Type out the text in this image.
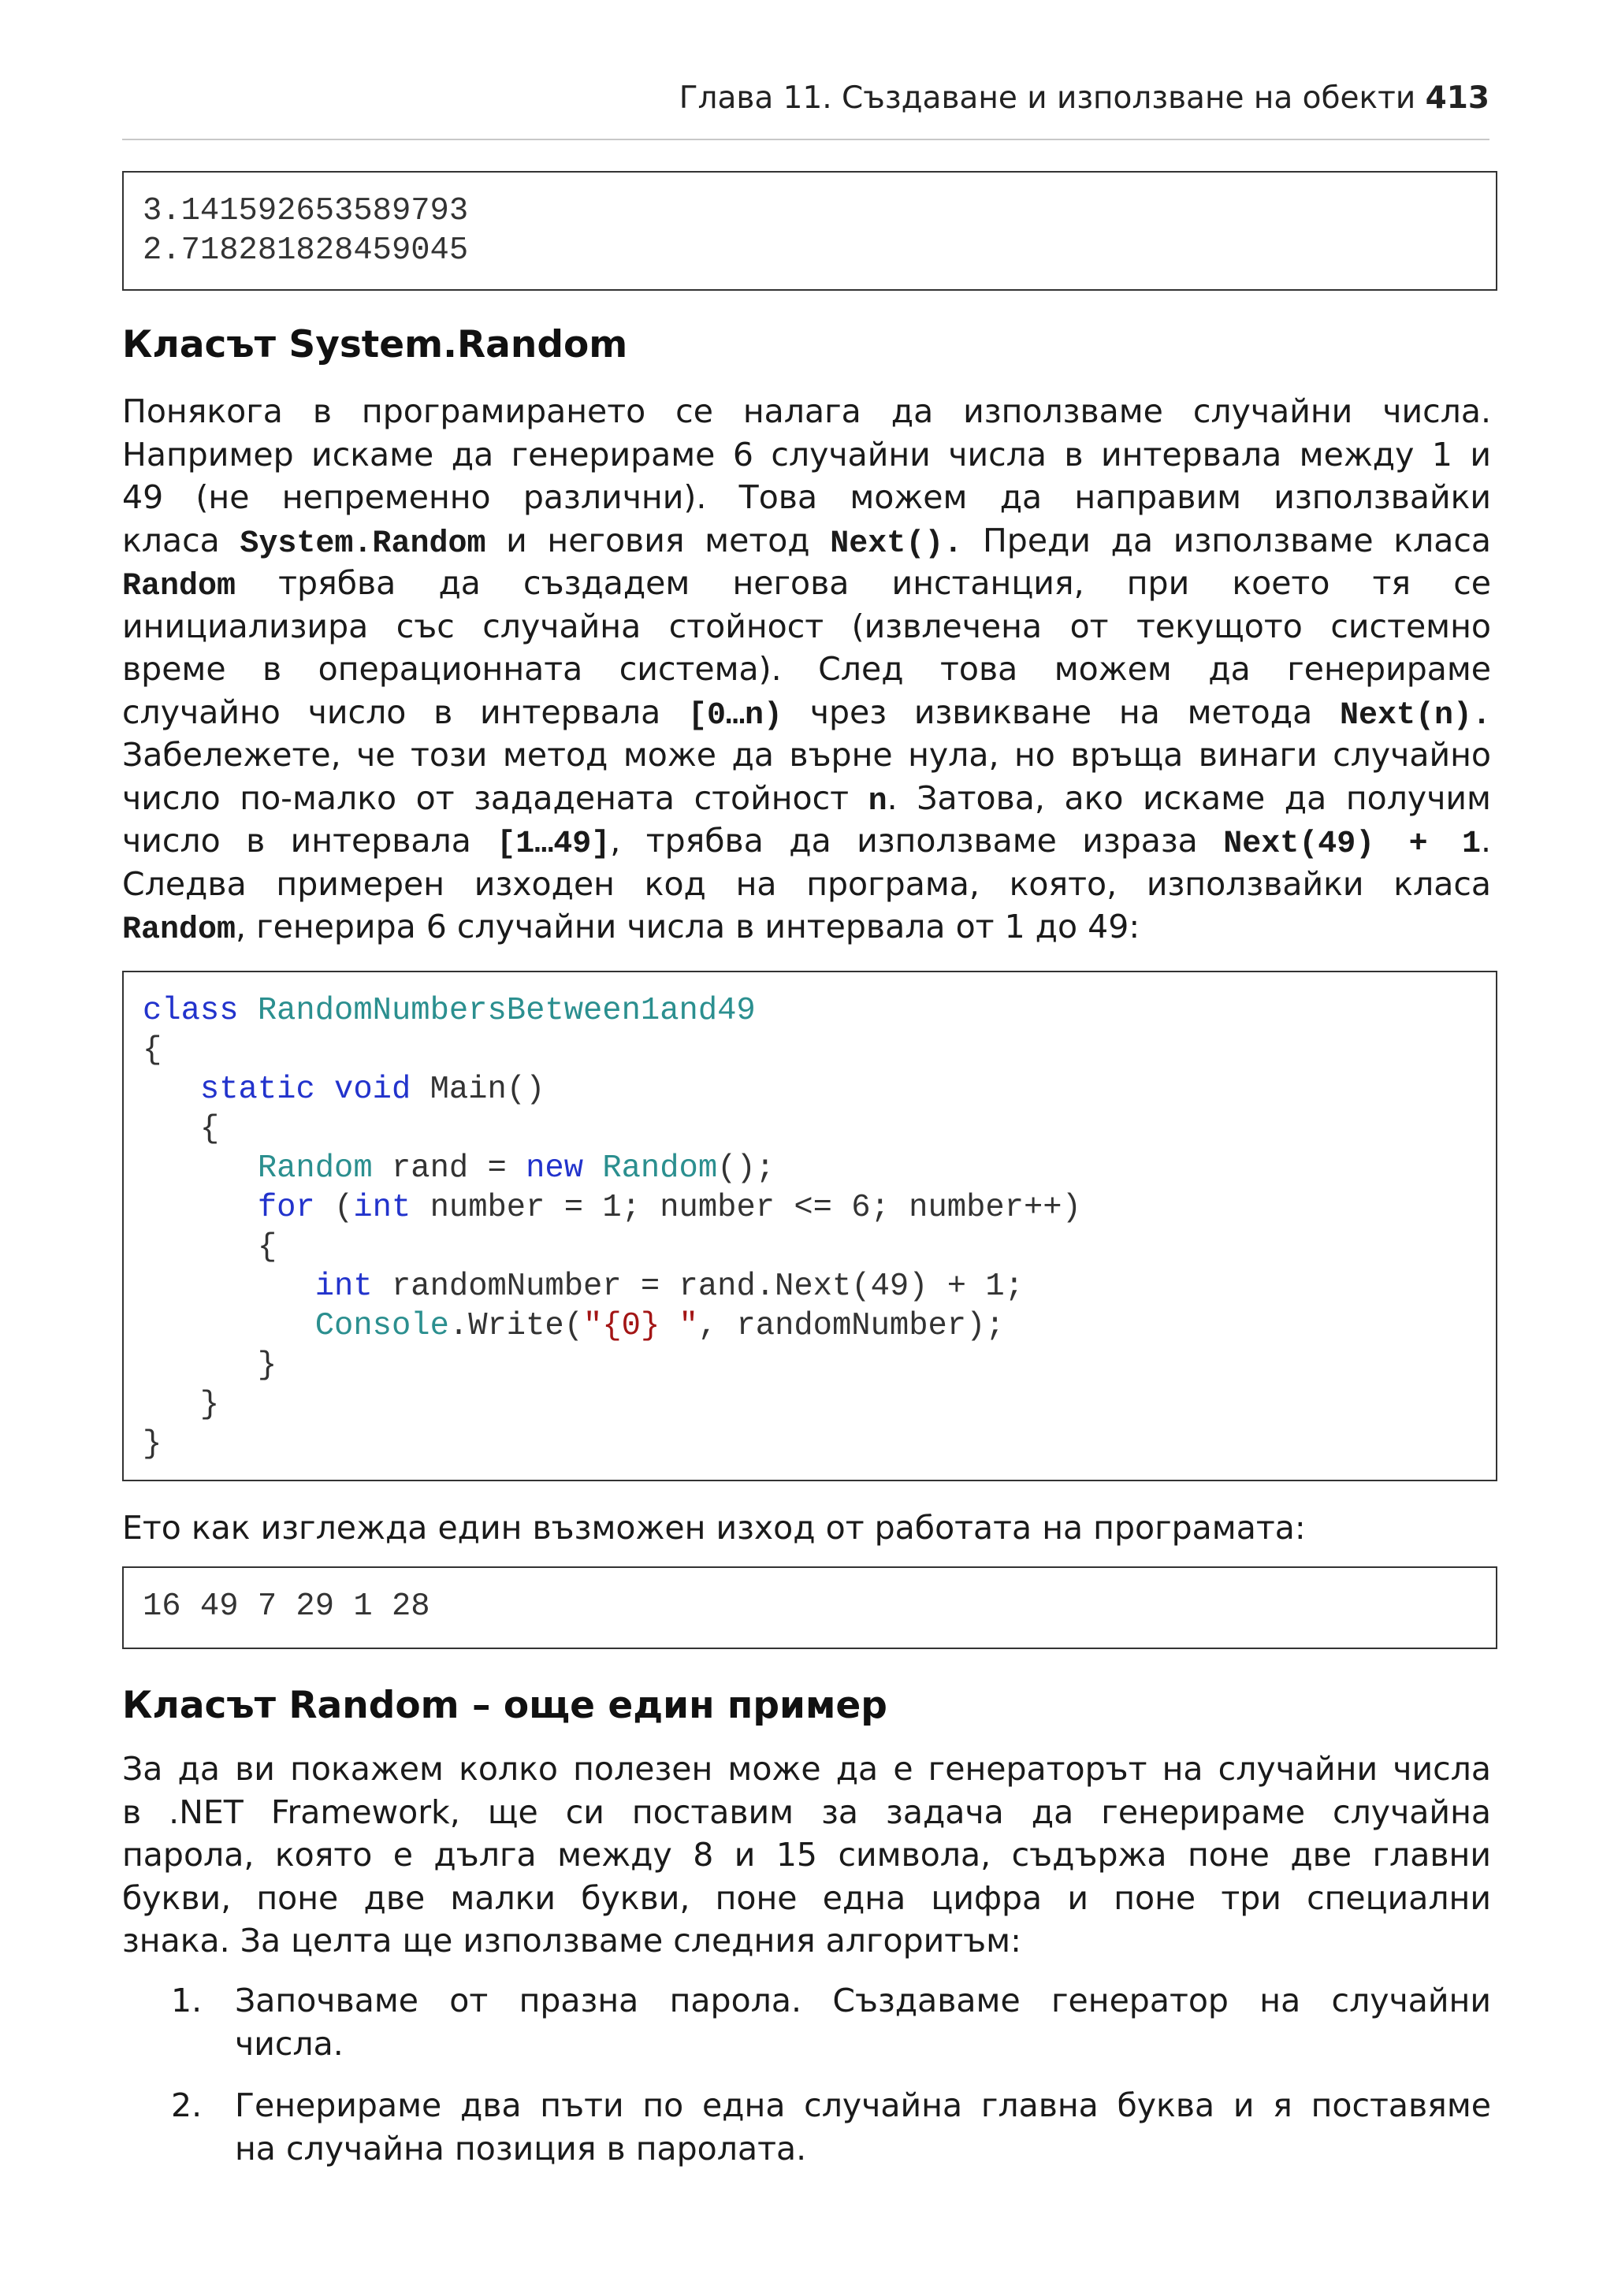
Глава 11. Създаване и използване на обекти 413
3.141592653589793
2.718281828459045
Класът System.Random
Понякога в програмирането се налага да използваме случайни числа.
Например искаме да генерираме 6 случайни числа в интервала между 1 и
49 (не непременно различни). Това можем да направим използвайки
класа System.Random и неговия метод Next(). Преди да използваме класа
Random трябва да създадем негова инстанция, при което тя се
инициализира със случайна стойност (извлечена от текущото системно
време в операционната система). След това можем да генерираме
случайно число в интервала [0…n) чрез извикване на метода Next(n).
Забележете, че този метод може да върне нула, но връща винаги случайно
число по-малко от зададената стойност n. Затова, ако искаме да получим
число в интервала [1…49], трябва да използваме израза Next(49) + 1.
Следва примерен изходен код на програма, която, използвайки класа
Random, генерира 6 случайни числа в интервала от 1 до 49:
class RandomNumbersBetween1and49
{
static void Main()
{
Random rand = new Random();
for (int number = 1; number <= 6; number++)
{
int randomNumber = rand.Next(49) + 1;
Console.Write("{0} ", randomNumber);
}
}
}
Ето как изглежда един възможен изход от работата на програмата:
16 49 7 29 1 28
Класът Random – още един пример
За да ви покажем колко полезен може да е генераторът на случайни числа
в .NET Framework, ще си поставим за задача да генерираме случайна
парола, която е дълга между 8 и 15 символа, съдържа поне две главни
букви, поне две малки букви, поне една цифра и поне три специални
знака. За целта ще използваме следния алгоритъм:
1.	Започваме от празна парола. Създаваме генератор на случайни
числа.
2.	Генерираме два пъти по една случайна главна буква и я поставяме
на случайна позиция в паролата.
